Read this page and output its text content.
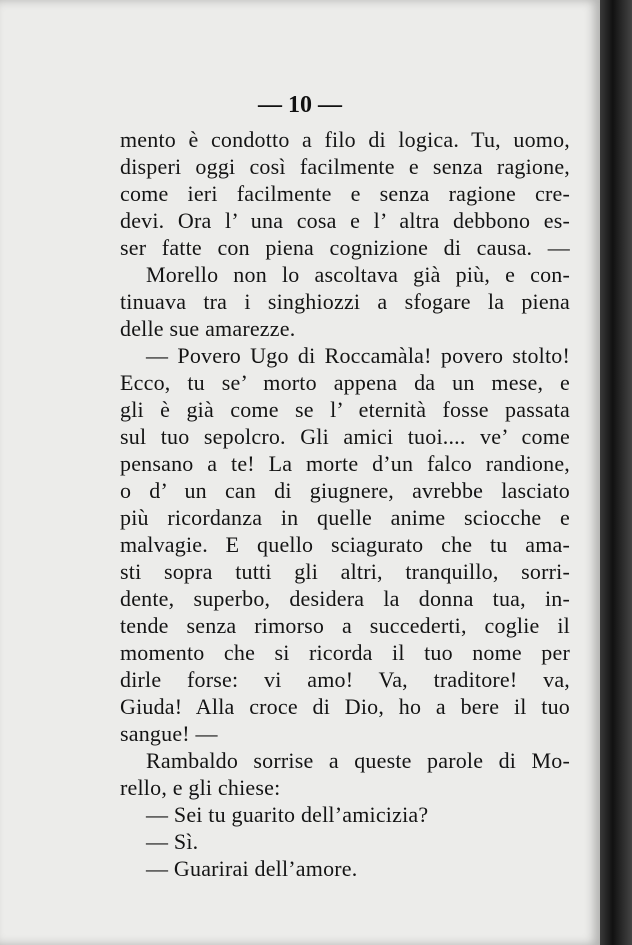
— 10 —
mento è condotto a filo di logica. Tu, uomo,
disperi oggi così facilmente e senza ragione,
come ieri facilmente e senza ragione cre-
devi. Ora l’ una cosa e l’ altra debbono es-
ser fatte con piena cognizione di causa. —
Morello non lo ascoltava già più, e con-
tinuava tra i singhiozzi a sfogare la piena
delle sue amarezze.
— Povero Ugo di Roccamàla! povero stolto!
Ecco, tu se’ morto appena da un mese, e
gli è già come se l’ eternità fosse passata
sul tuo sepolcro. Gli amici tuoi.... ve’ come
pensano a te! La morte d’un falco randione,
o d’ un can di giugnere, avrebbe lasciato
più ricordanza in quelle anime sciocche e
malvagie. E quello sciagurato che tu ama-
sti sopra tutti gli altri, tranquillo, sorri-
dente, superbo, desidera la donna tua, in-
tende senza rimorso a succederti, coglie il
momento che si ricorda il tuo nome per
dirle forse: vi amo! Va, traditore! va,
Giuda! Alla croce di Dio, ho a bere il tuo
sangue! —
Rambaldo sorrise a queste parole di Mo-
rello, e gli chiese:
— Sei tu guarito dell’amicizia?
— Sì.
— Guarirai dell’amore.
